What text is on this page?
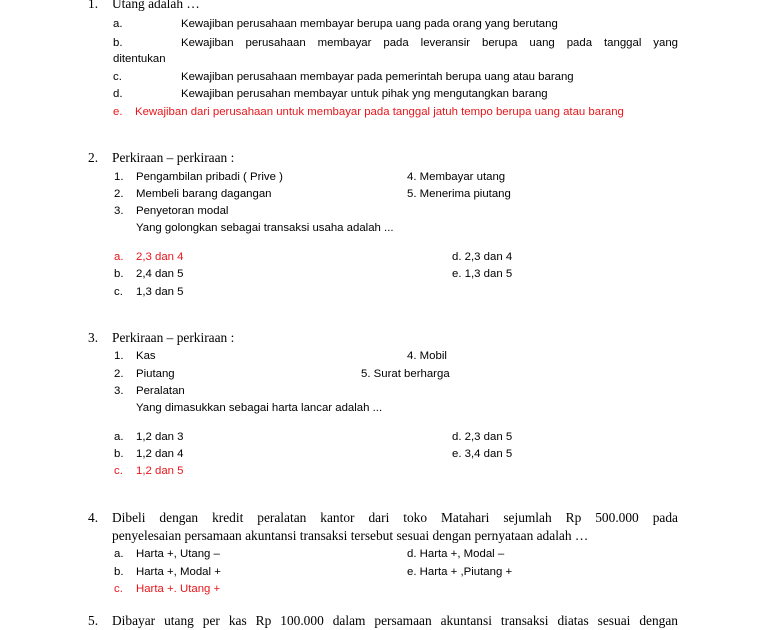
1. Utang adalah …
a.	Kewajiban perusahaan membayar berupa uang pada orang yang berutang
b.	Kewajiban perusahaan membayar pada leveransir berupa uang pada tanggal yang
ditentukan
c.	Kewajiban perusahaan membayar pada pemerintah berupa uang atau barang
d.	Kewajiban perusahan membayar untuk pihak yng mengutangkan barang
e. Kewajiban dari perusahaan untuk membayar pada tanggal jatuh tempo berupa uang atau barang
2. Perkiraan – perkiraan :
1. Pengambilan pribadi ( Prive )	4. Membayar utang
2. Membeli barang dagangan	5. Menerima piutang
3. Penyetoran modal
Yang golongkan sebagai transaksi usaha adalah ...
a. 2,3 dan 4	d. 2,3 dan 4
b. 2,4 dan 5	e. 1,3 dan 5
c. 1,3 dan 5
3. Perkiraan – perkiraan :
1. Kas	4. Mobil
2. Piutang	5. Surat berharga
3. Peralatan
Yang dimasukkan sebagai harta lancar adalah ...
a. 1,2 dan 3	d. 2,3 dan 5
b. 1,2 dan 4	e. 3,4 dan 5
c. 1,2 dan 5
4. Dibeli dengan kredit peralatan kantor dari toko Matahari sejumlah Rp 500.000 pada
penyelesaian persamaan akuntansi transaksi tersebut sesuai dengan pernyataan adalah …
a. Harta +, Utang –	d. Harta +, Modal –
b. Harta +, Modal +	e. Harta + ,Piutang +
c. Harta +. Utang +
5. Dibayar utang per kas Rp 100.000 dalam persamaan akuntansi transaksi diatas sesuai dengan
